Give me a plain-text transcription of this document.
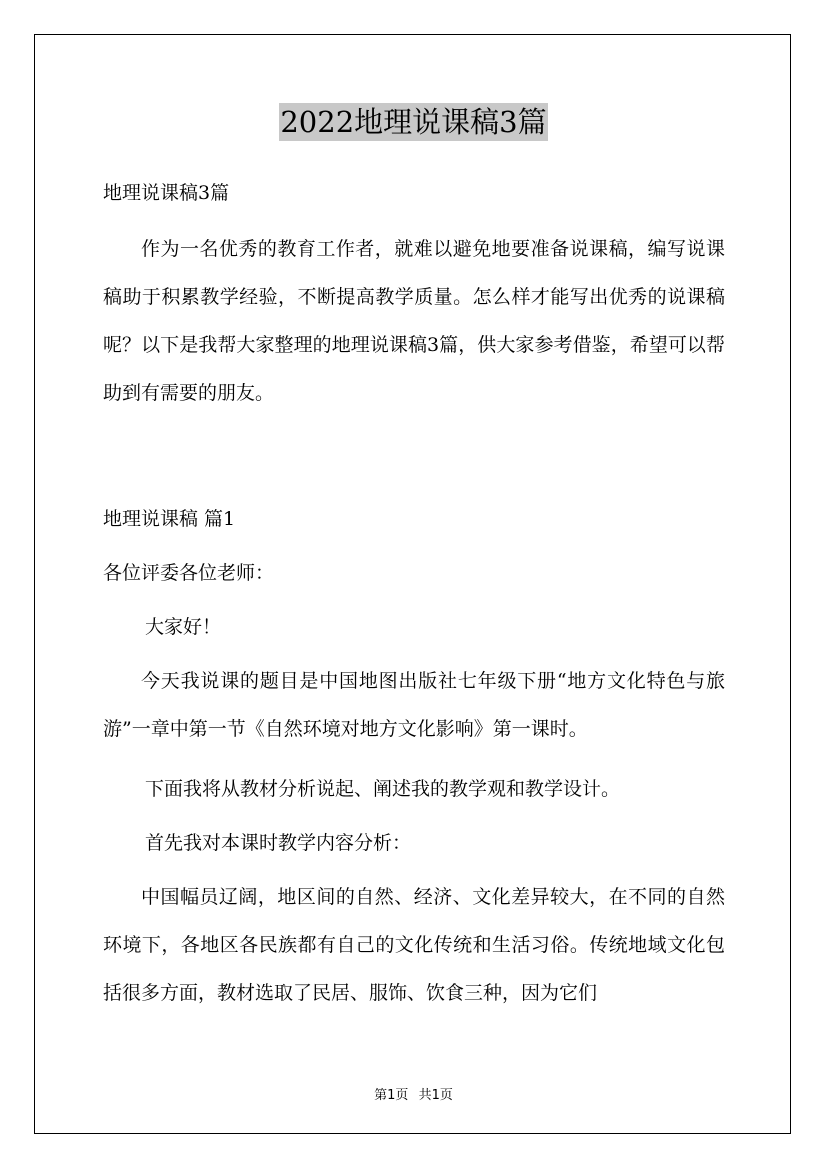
2022地理说课稿3篇
地理说课稿3篇

作为一名优秀的教育工作者，就难以避免地要准备说课稿，编写说课稿助于积累教学经验，不断提高教学质量。怎么样才能写出优秀的说课稿呢？以下是我帮大家整理的地理说课稿3篇，供大家参考借鉴，希望可以帮助到有需要的朋友。

地理说课稿 篇1
各位评委各位老师：
大家好！

今天我说课的题目是中国地图出版社七年级下册“地方文化特色与旅游”一章中第一节《自然环境对地方文化影响》第一课时。

下面我将从教材分析说起、阐述我的教学观和教学设计。
首先我对本课时教学内容分析：

中国幅员辽阔，地区间的自然、经济、文化差异较大，在不同的自然环境下，各地区各民族都有自己的文化传统和生活习俗。传统地域文化包括很多方面，教材选取了民居、服饰、饮食三种，因为它们

第1页 共1页
